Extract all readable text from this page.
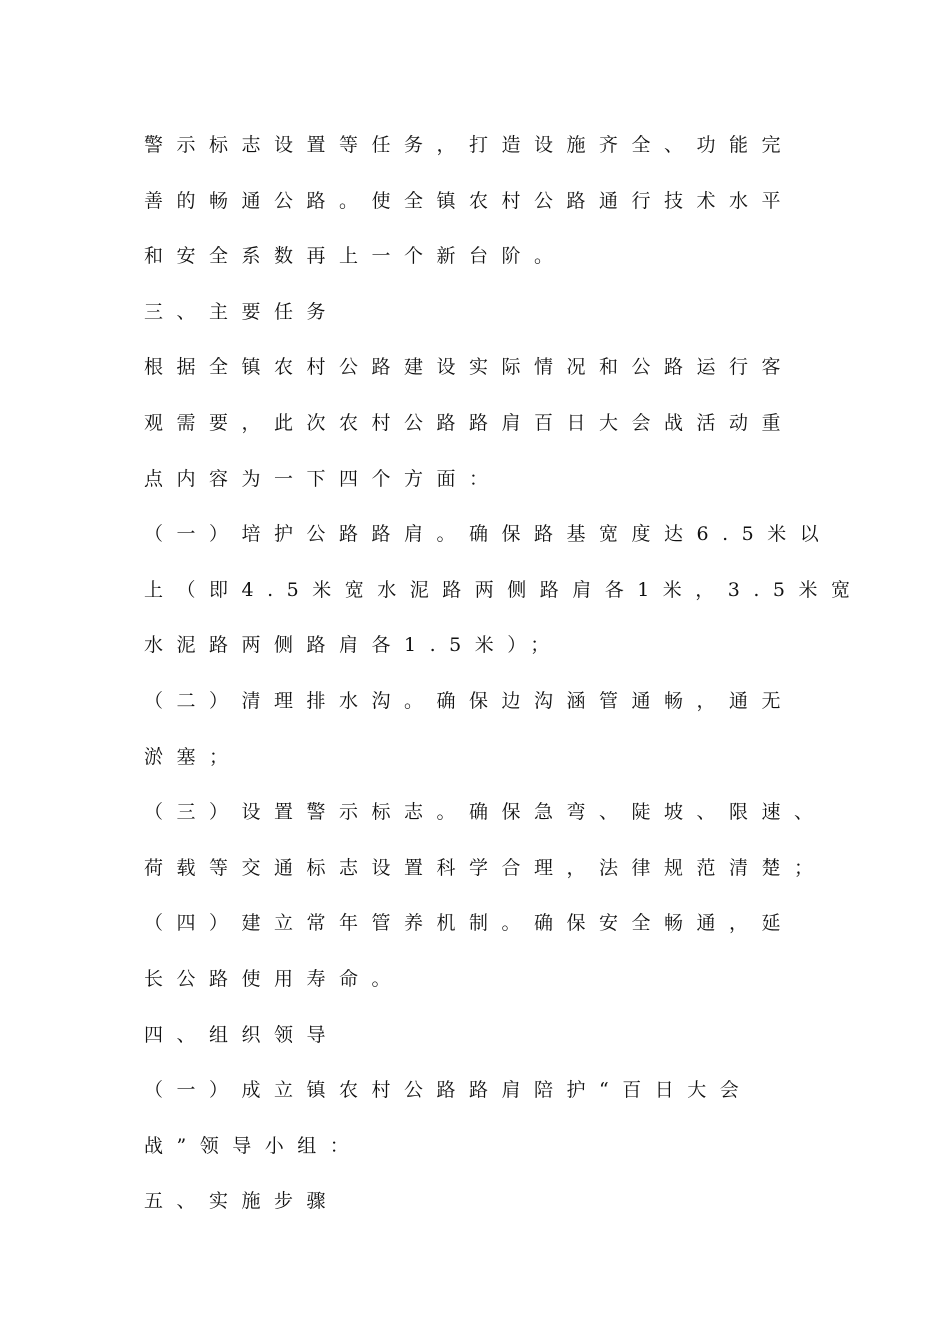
警示标志设置等任务，打造设施齐全、功能完
善的畅通公路。使全镇农村公路通行技术水平
和安全系数再上一个新台阶。
三、主要任务
根据全镇农村公路建设实际情况和公路运行客
观需要，此次农村公路路肩百日大会战活动重
点内容为一下四个方面：
（一）培护公路路肩。确保路基宽度达6.5米以
上（即4.5米宽水泥路两侧路肩各1米，3.5米宽
水泥路两侧路肩各1.5米）；
（二）清理排水沟。确保边沟涵管通畅，通无
淤塞；
（三）设置警示标志。确保急弯、陡坡、限速、
荷载等交通标志设置科学合理，法律规范清楚；
（四）建立常年管养机制。确保安全畅通，延
长公路使用寿命。
四、组织领导
（一）成立镇农村公路路肩陪护“百日大会
战”领导小组：
五、实施步骤
